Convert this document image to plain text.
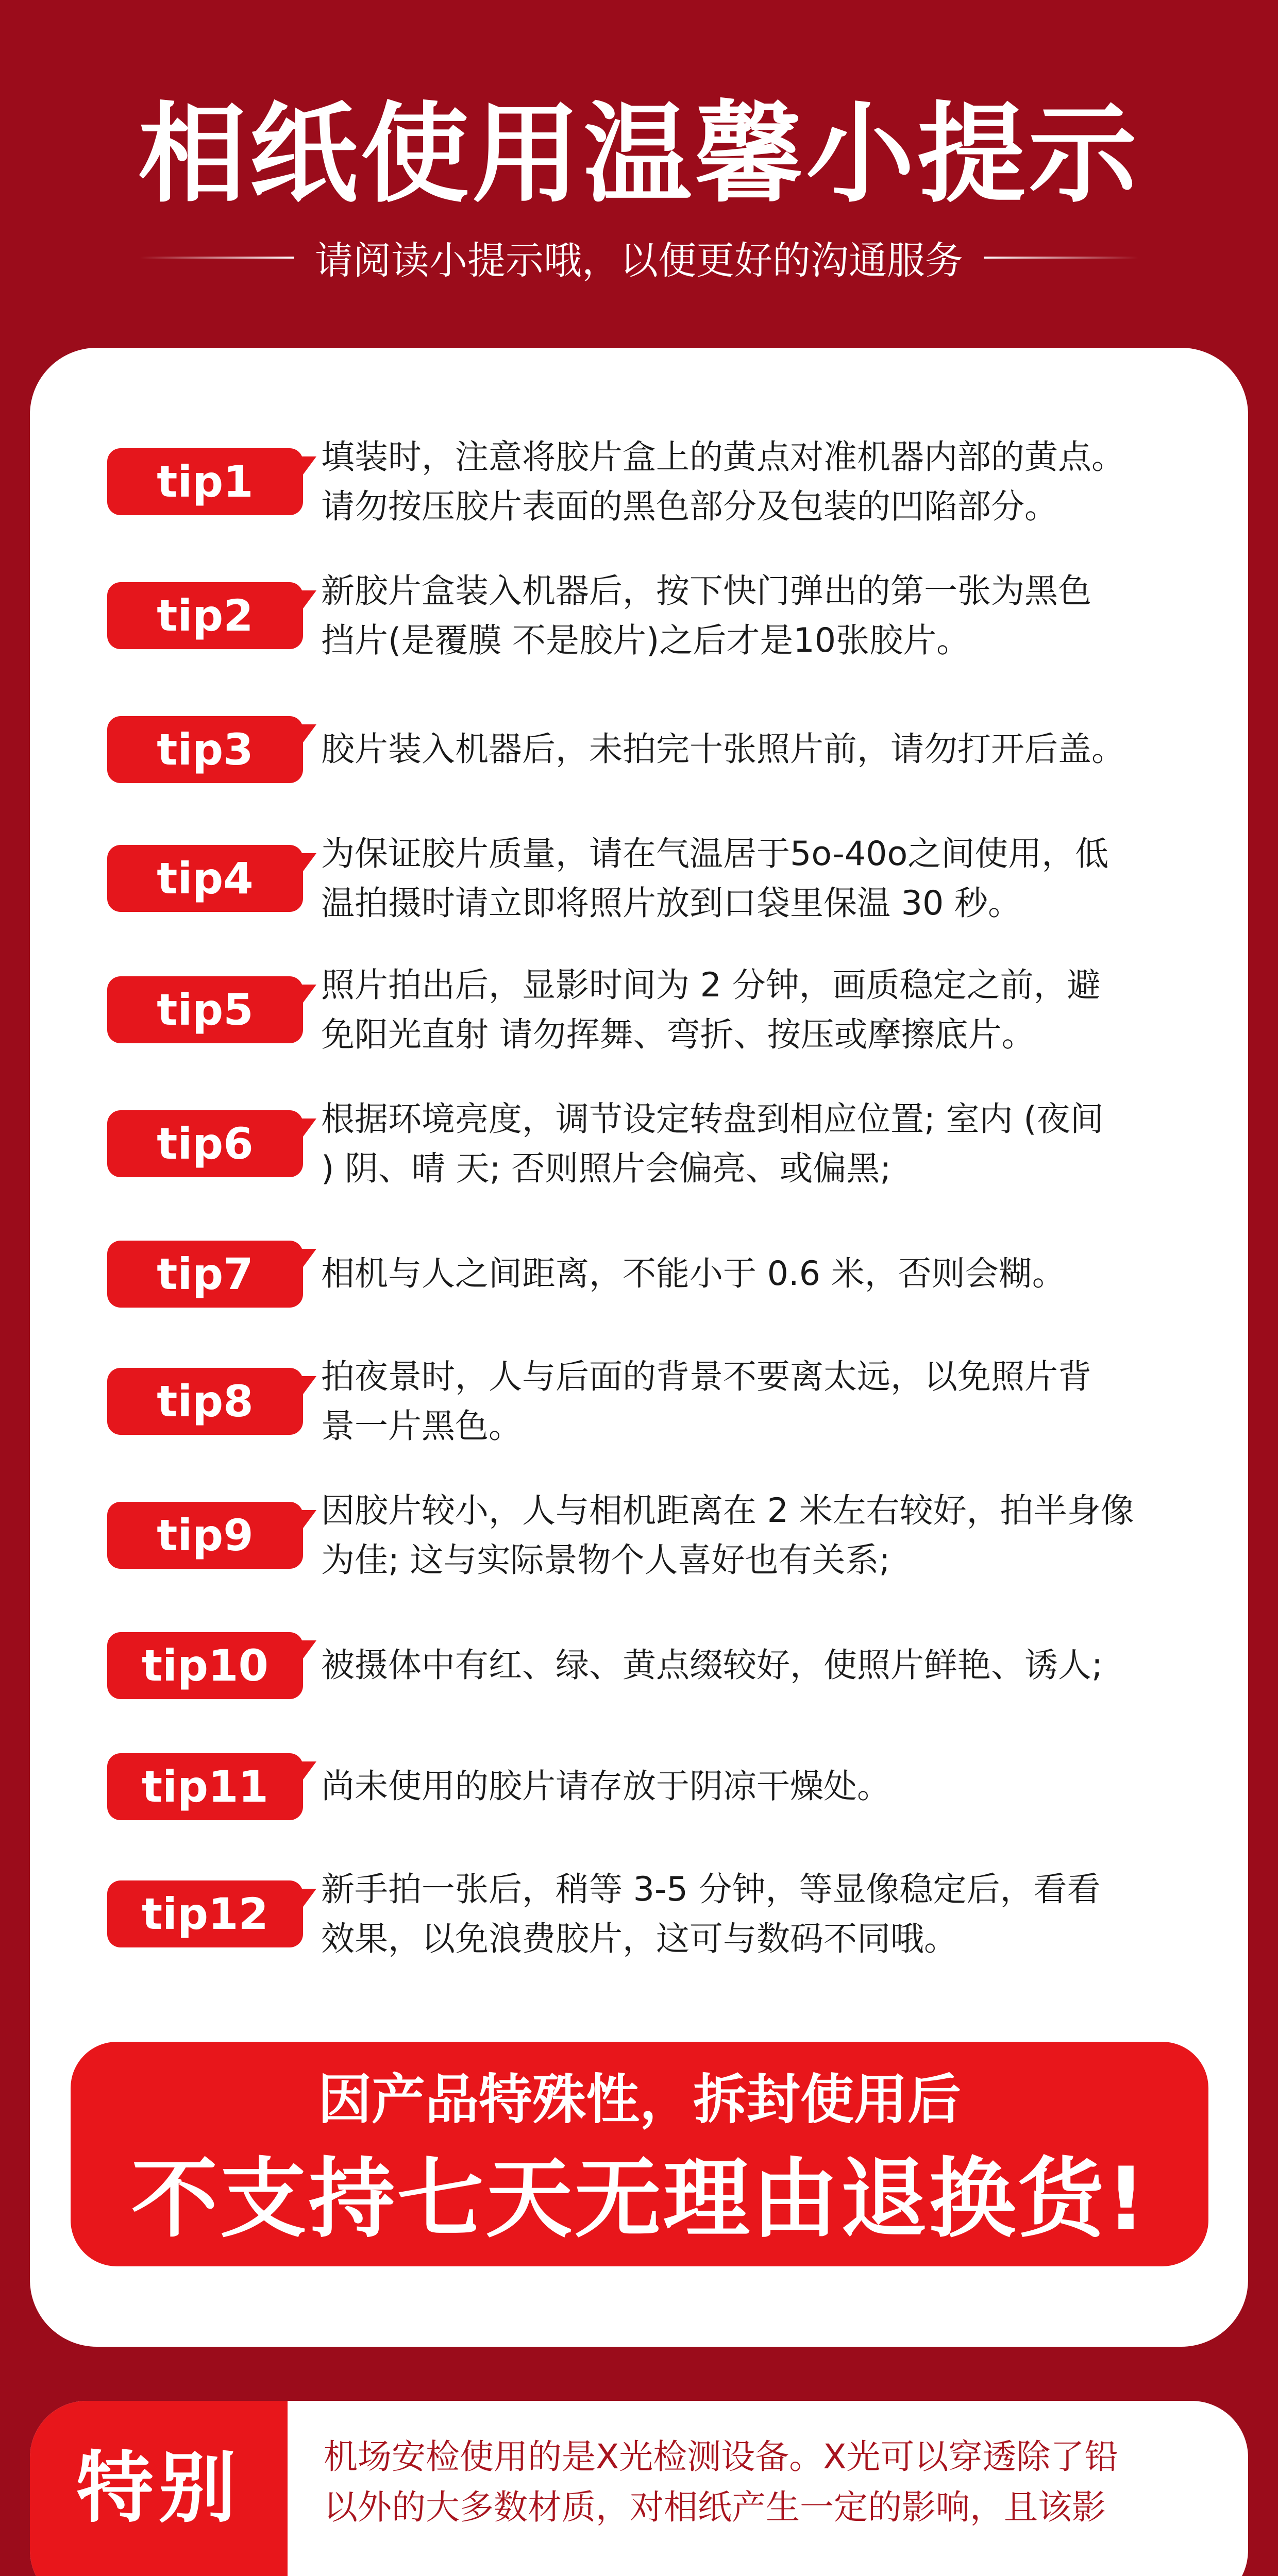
相纸使用温馨小提示
请阅读小提示哦，以便更好的沟通服务
tip1	填装时，注意将胶片盒上的黄点对准机器内部的黄点。
请勿按压胶片表面的黑色部分及包装的凹陷部分。
tip2	新胶片盒装入机器后，按下快门弹出的第一张为黑色
挡片(是覆膜 不是胶片)之后才是10张胶片。
tip3	胶片装入机器后，未拍完十张照片前，请勿打开后盖。
tip4	为保证胶片质量，请在气温居于5o-40o之间使用，低
温拍摄时请立即将照片放到口袋里保温 30 秒。
tip5	照片拍出后，显影时间为 2 分钟，画质稳定之前，避
免阳光直射 请勿挥舞、弯折、按压或摩擦底片。
tip6	根据环境亮度，调节设定转盘到相应位置; 室内 (夜间
) 阴、晴 天; 否则照片会偏亮、或偏黑;
tip7	相机与人之间距离，不能小于 0.6 米，否则会糊。
tip8	拍夜景时，人与后面的背景不要离太远，以免照片背
景一片黑色。
tip9	因胶片较小，人与相机距离在 2 米左右较好，拍半身像
为佳; 这与实际景物个人喜好也有关系;
tip10	被摄体中有红、绿、黄点缀较好，使照片鲜艳、诱人;
tip11	尚未使用的胶片请存放于阴凉干燥处。
tip12	新手拍一张后，稍等 3-5 分钟，等显像稳定后，看看
效果，以免浪费胶片，这可与数码不同哦。
因产品特殊性，拆封使用后
不支持七天无理由退换货!
特别	机场安检使用的是X光检测设备。X光可以穿透除了铅
以外的大多数材质，对相纸产生一定的影响，且该影
